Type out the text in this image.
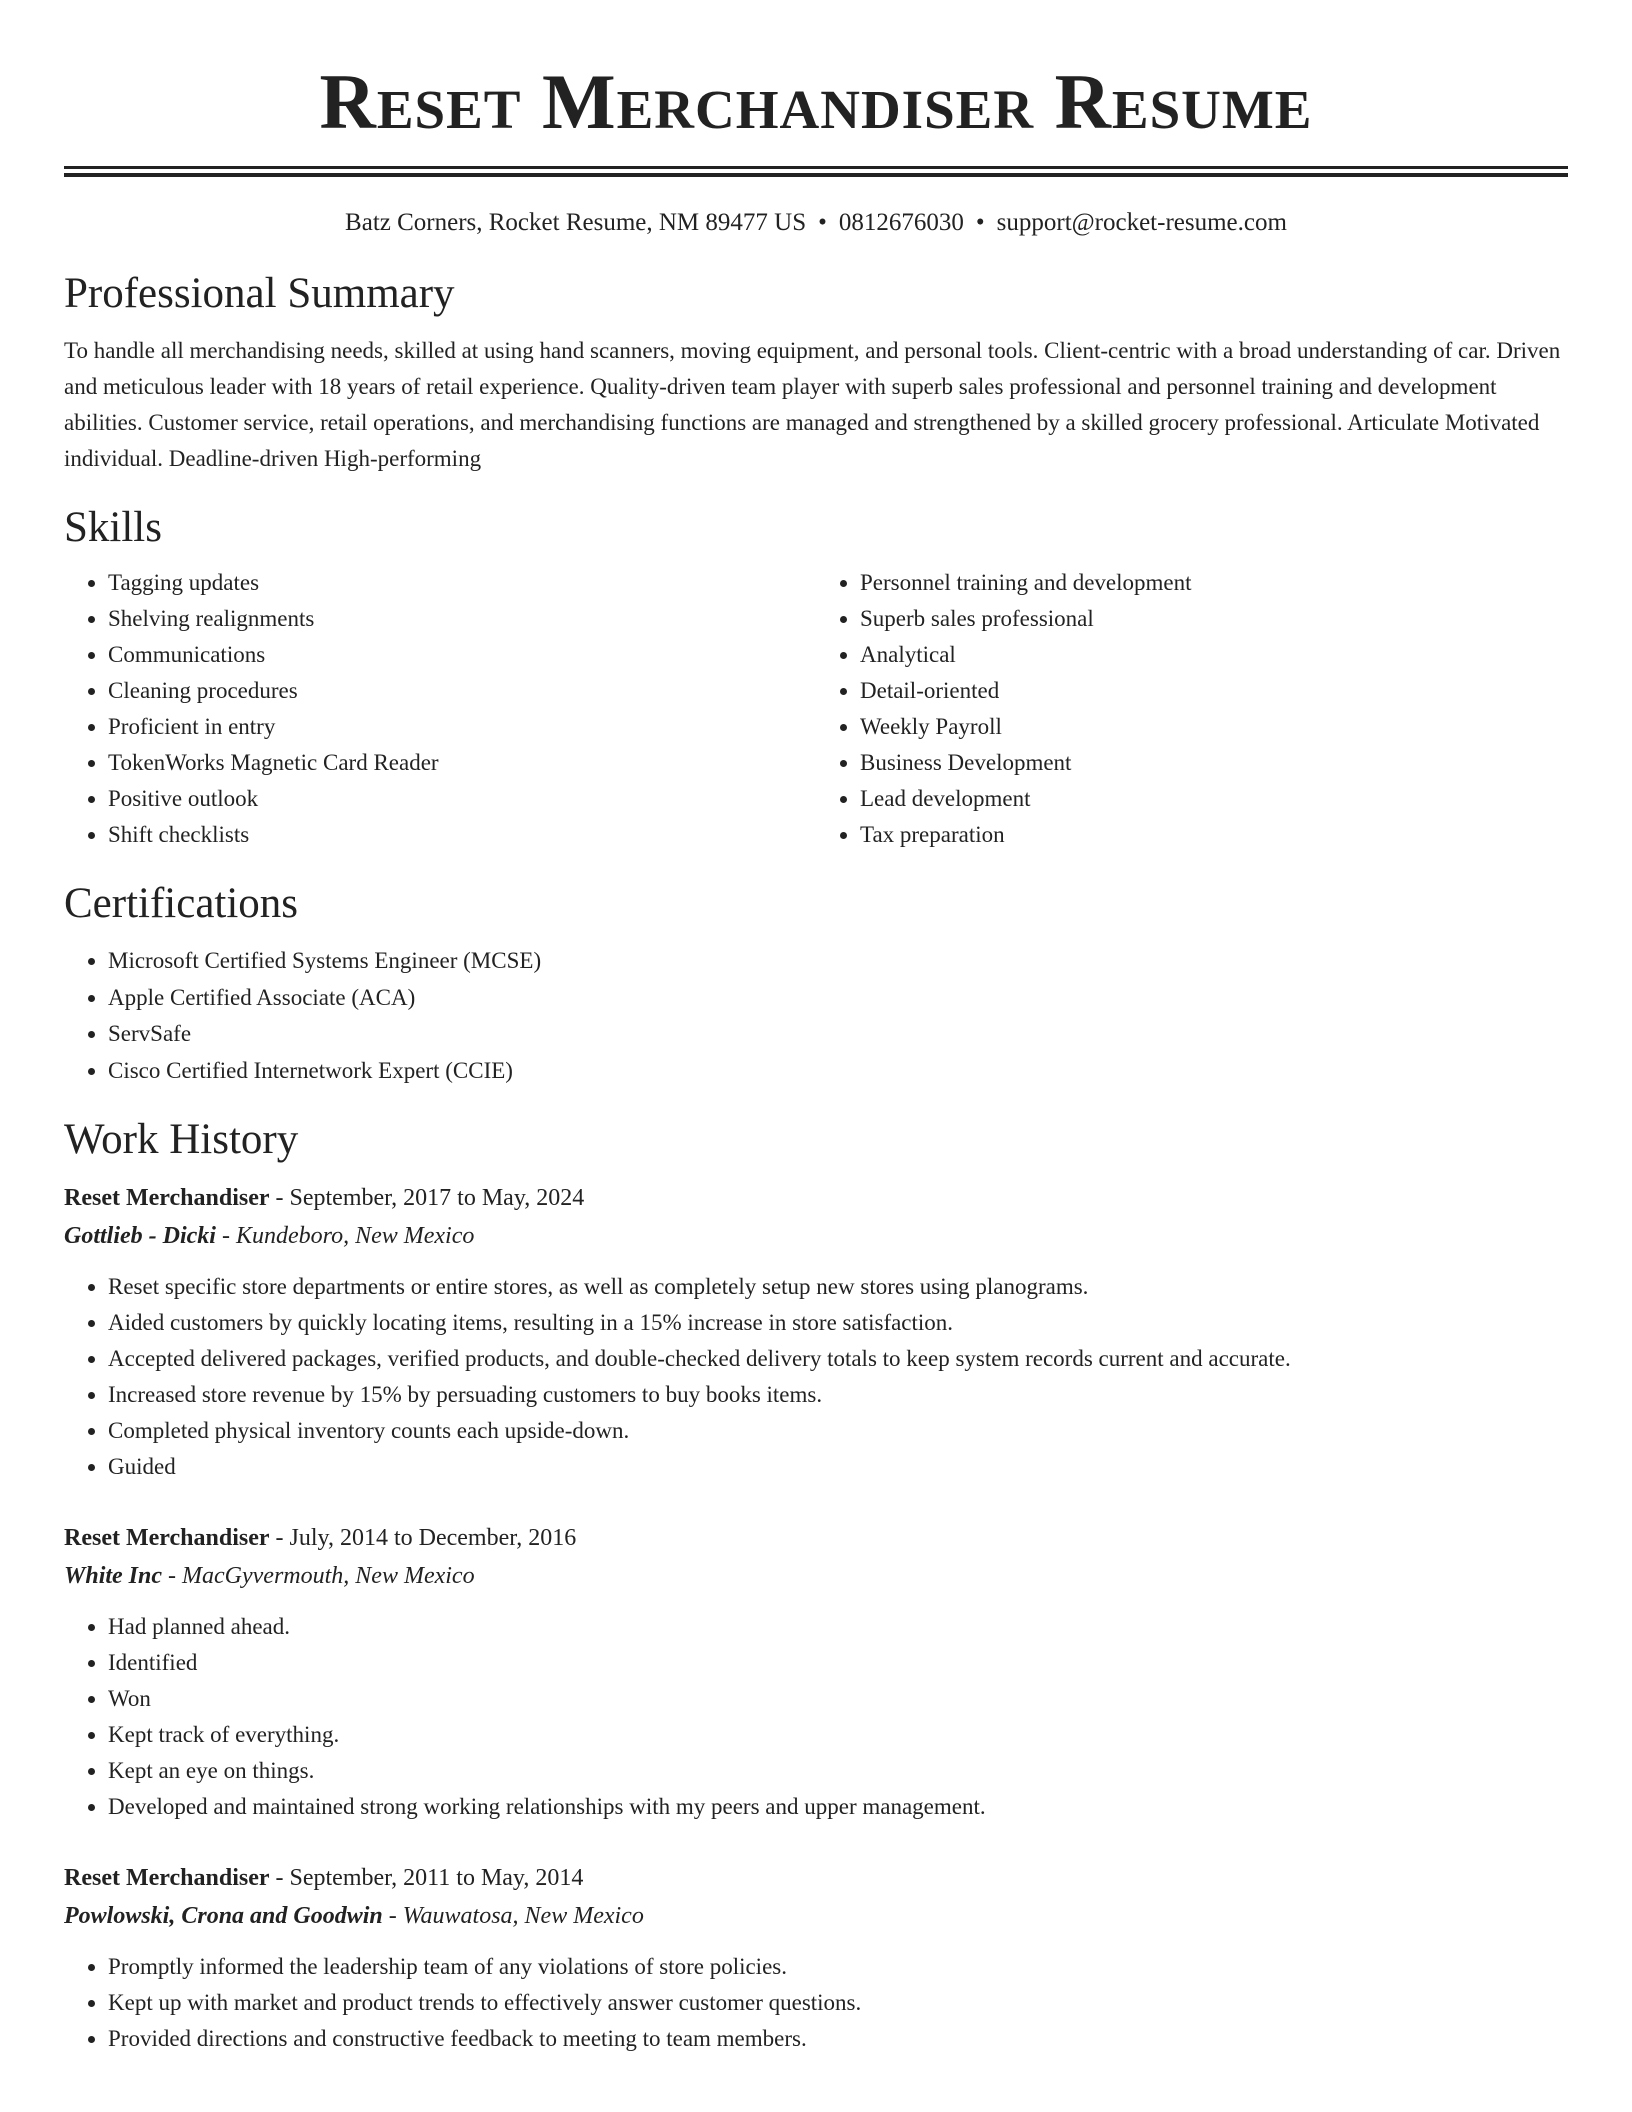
Reset Merchandiser Resume
Batz Corners, Rocket Resume, NM 89477 US • 0812676030 • support@rocket-resume.com
Professional Summary
To handle all merchandising needs, skilled at using hand scanners, moving equipment, and personal tools. Client-centric with a broad understanding of car. Driven and meticulous leader with 18 years of retail experience. Quality-driven team player with superb sales professional and personnel training and development abilities. Customer service, retail operations, and merchandising functions are managed and strengthened by a skilled grocery professional. Articulate Motivated individual. Deadline-driven High-performing
Skills
• Tagging updates
• Shelving realignments
• Communications
• Cleaning procedures
• Proficient in entry
• TokenWorks Magnetic Card Reader
• Positive outlook
• Shift checklists
• Personnel training and development
• Superb sales professional
• Analytical
• Detail-oriented
• Weekly Payroll
• Business Development
• Lead development
• Tax preparation
Certifications
• Microsoft Certified Systems Engineer (MCSE)
• Apple Certified Associate (ACA)
• ServSafe
• Cisco Certified Internetwork Expert (CCIE)
Work History
Reset Merchandiser - September, 2017 to May, 2024
Gottlieb - Dicki - Kundeboro, New Mexico
• Reset specific store departments or entire stores, as well as completely setup new stores using planograms.
• Aided customers by quickly locating items, resulting in a 15% increase in store satisfaction.
• Accepted delivered packages, verified products, and double-checked delivery totals to keep system records current and accurate.
• Increased store revenue by 15% by persuading customers to buy books items.
• Completed physical inventory counts each upside-down.
• Guided
Reset Merchandiser - July, 2014 to December, 2016
White Inc - MacGyvermouth, New Mexico
• Had planned ahead.
• Identified
• Won
• Kept track of everything.
• Kept an eye on things.
• Developed and maintained strong working relationships with my peers and upper management.
Reset Merchandiser - September, 2011 to May, 2014
Powlowski, Crona and Goodwin - Wauwatosa, New Mexico
• Promptly informed the leadership team of any violations of store policies.
• Kept up with market and product trends to effectively answer customer questions.
• Provided directions and constructive feedback to meeting to team members.
